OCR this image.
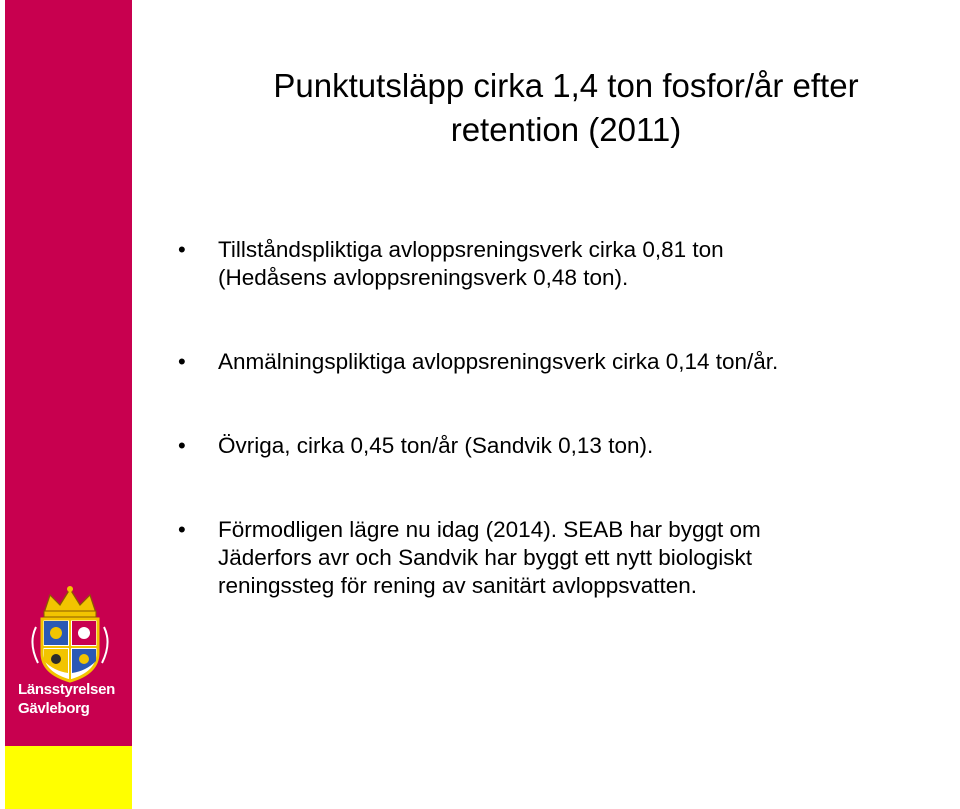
Länsstyrelsen
Gävleborg
Punktutsläpp cirka 1,4 ton fosfor/år efter
retention (2011)
• Tillståndspliktiga avloppsreningsverk cirka 0,81 ton
(Hedåsens avloppsreningsverk 0,48 ton).
• Anmälningspliktiga avloppsreningsverk cirka 0,14 ton/år.
• Övriga, cirka 0,45 ton/år (Sandvik 0,13 ton).
• Förmodligen lägre nu idag (2014). SEAB har byggt om
Jäderfors avr och Sandvik har byggt ett nytt biologiskt
reningssteg för rening av sanitärt avloppsvatten.
